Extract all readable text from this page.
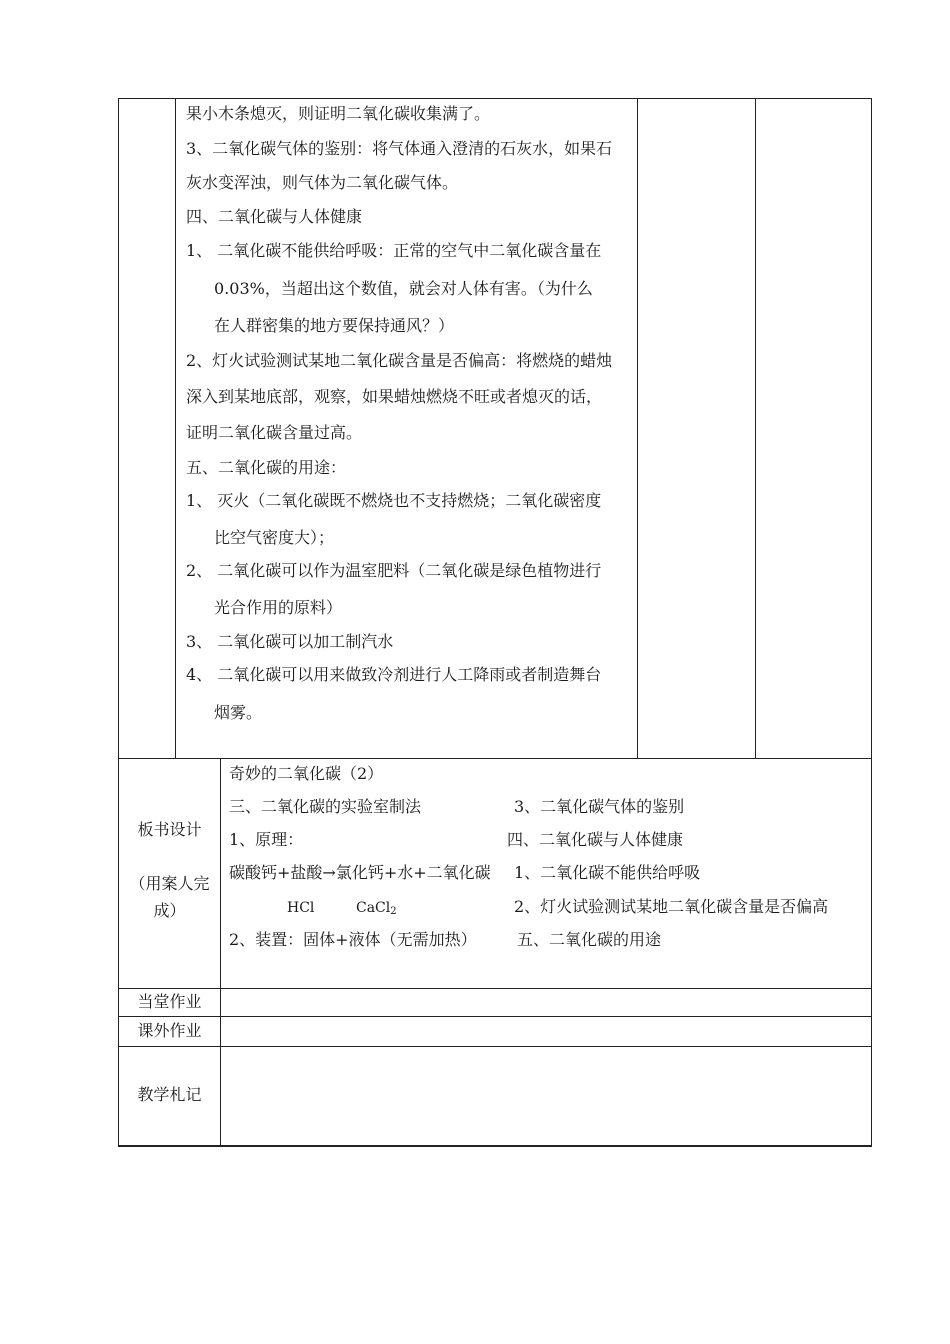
果小木条熄灭，则证明二氧化碳收集满了。
3、二氧化碳气体的鉴别：将气体通入澄清的石灰水，如果石
灰水变浑浊，则气体为二氧化碳气体。
四、二氧化碳与人体健康
1、 二氧化碳不能供给呼吸：正常的空气中二氧化碳含量在
0.03%，当超出这个数值，就会对人体有害。（为什么
在人群密集的地方要保持通风？）
2、灯火试验测试某地二氧化碳含量是否偏高：将燃烧的蜡烛
深入到某地底部，观察，如果蜡烛燃烧不旺或者熄灭的话，
证明二氧化碳含量过高。
五、二氧化碳的用途：
1、 灭火（二氧化碳既不燃烧也不支持燃烧；二氧化碳密度
比空气密度大）；
2、 二氧化碳可以作为温室肥料（二氧化碳是绿色植物进行
光合作用的原料）
3、 二氧化碳可以加工制汽水
4、 二氧化碳可以用来做致冷剂进行人工降雨或者制造舞台
烟雾。
板书设计
（用案人完
成）
奇妙的二氧化碳（2）
三、二氧化碳的实验室制法
1、原理：
碳酸钙+盐酸→氯化钙+水+二氧化碳
HCl	CaCl$_2$
2、装置：固体+液体（无需加热）
3、二氧化碳气体的鉴别
四、二氧化碳与人体健康
1、二氧化碳不能供给呼吸
2、灯火试验测试某地二氧化碳含量是否偏高
五、二氧化碳的用途
当堂作业
课外作业
教学札记
